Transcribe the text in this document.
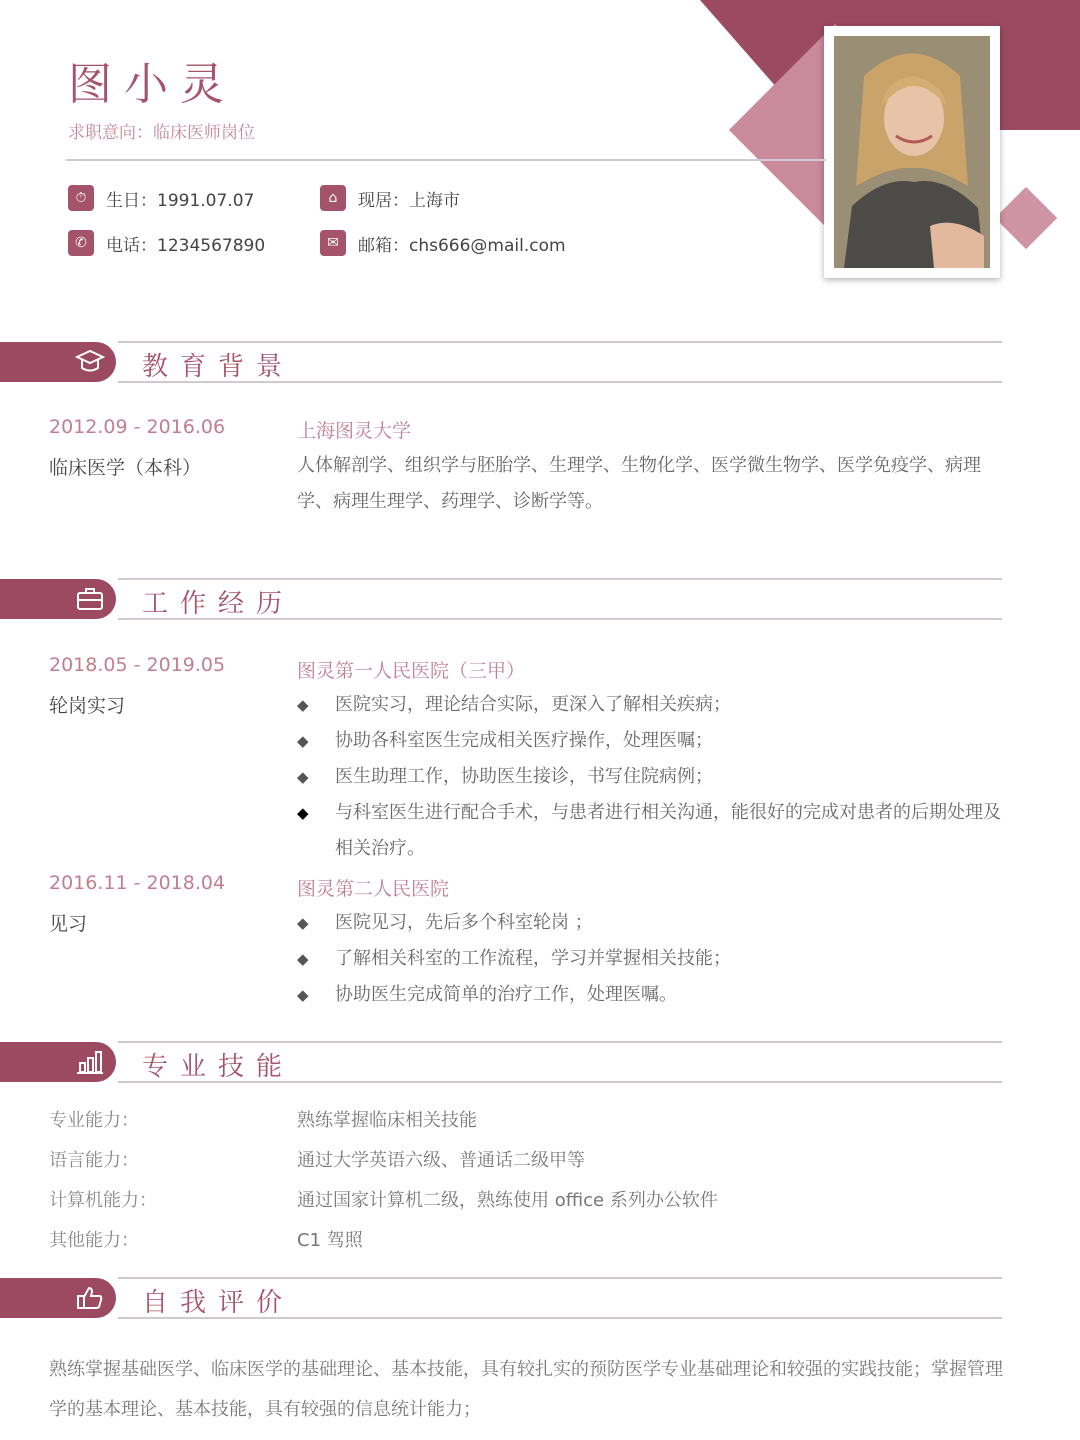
图小灵
求职意向：临床医师岗位
⏱	生日：1991.07.07	⌂	现居：上海市
✆	电话：1234567890	✉	邮箱：chs666@mail.com
教育背景
2012.09 - 2016.06
临床医学（本科）
上海图灵大学
人体解剖学、组织学与胚胎学、生理学、生物化学、医学微生物学、医学免疫学、病理学、病理生理学、药理学、诊断学等。
工作经历
2018.05 - 2019.05
轮岗实习
图灵第一人民医院（三甲）
◆	医院实习，理论结合实际，更深入了解相关疾病；
◆	协助各科室医生完成相关医疗操作，处理医嘱；
◆	医生助理工作，协助医生接诊，书写住院病例；
◆	与科室医生进行配合手术，与患者进行相关沟通，能很好的完成对患者的后期处理及相关治疗。
2016.11 - 2018.04
见习
图灵第二人民医院
◆	医院见习，先后多个科室轮岗 ；
◆	了解相关科室的工作流程，学习并掌握相关技能；
◆	协助医生完成简单的治疗工作，处理医嘱。
专业技能
专业能力：	熟练掌握临床相关技能
语言能力：	通过大学英语六级、普通话二级甲等
计算机能力：	通过国家计算机二级，熟练使用 office 系列办公软件
其他能力：	C1 驾照
自我评价
熟练掌握基础医学、临床医学的基础理论、基本技能，具有较扎实的预防医学专业基础理论和较强的实践技能；掌握管理学的基本理论、基本技能，具有较强的信息统计能力；
